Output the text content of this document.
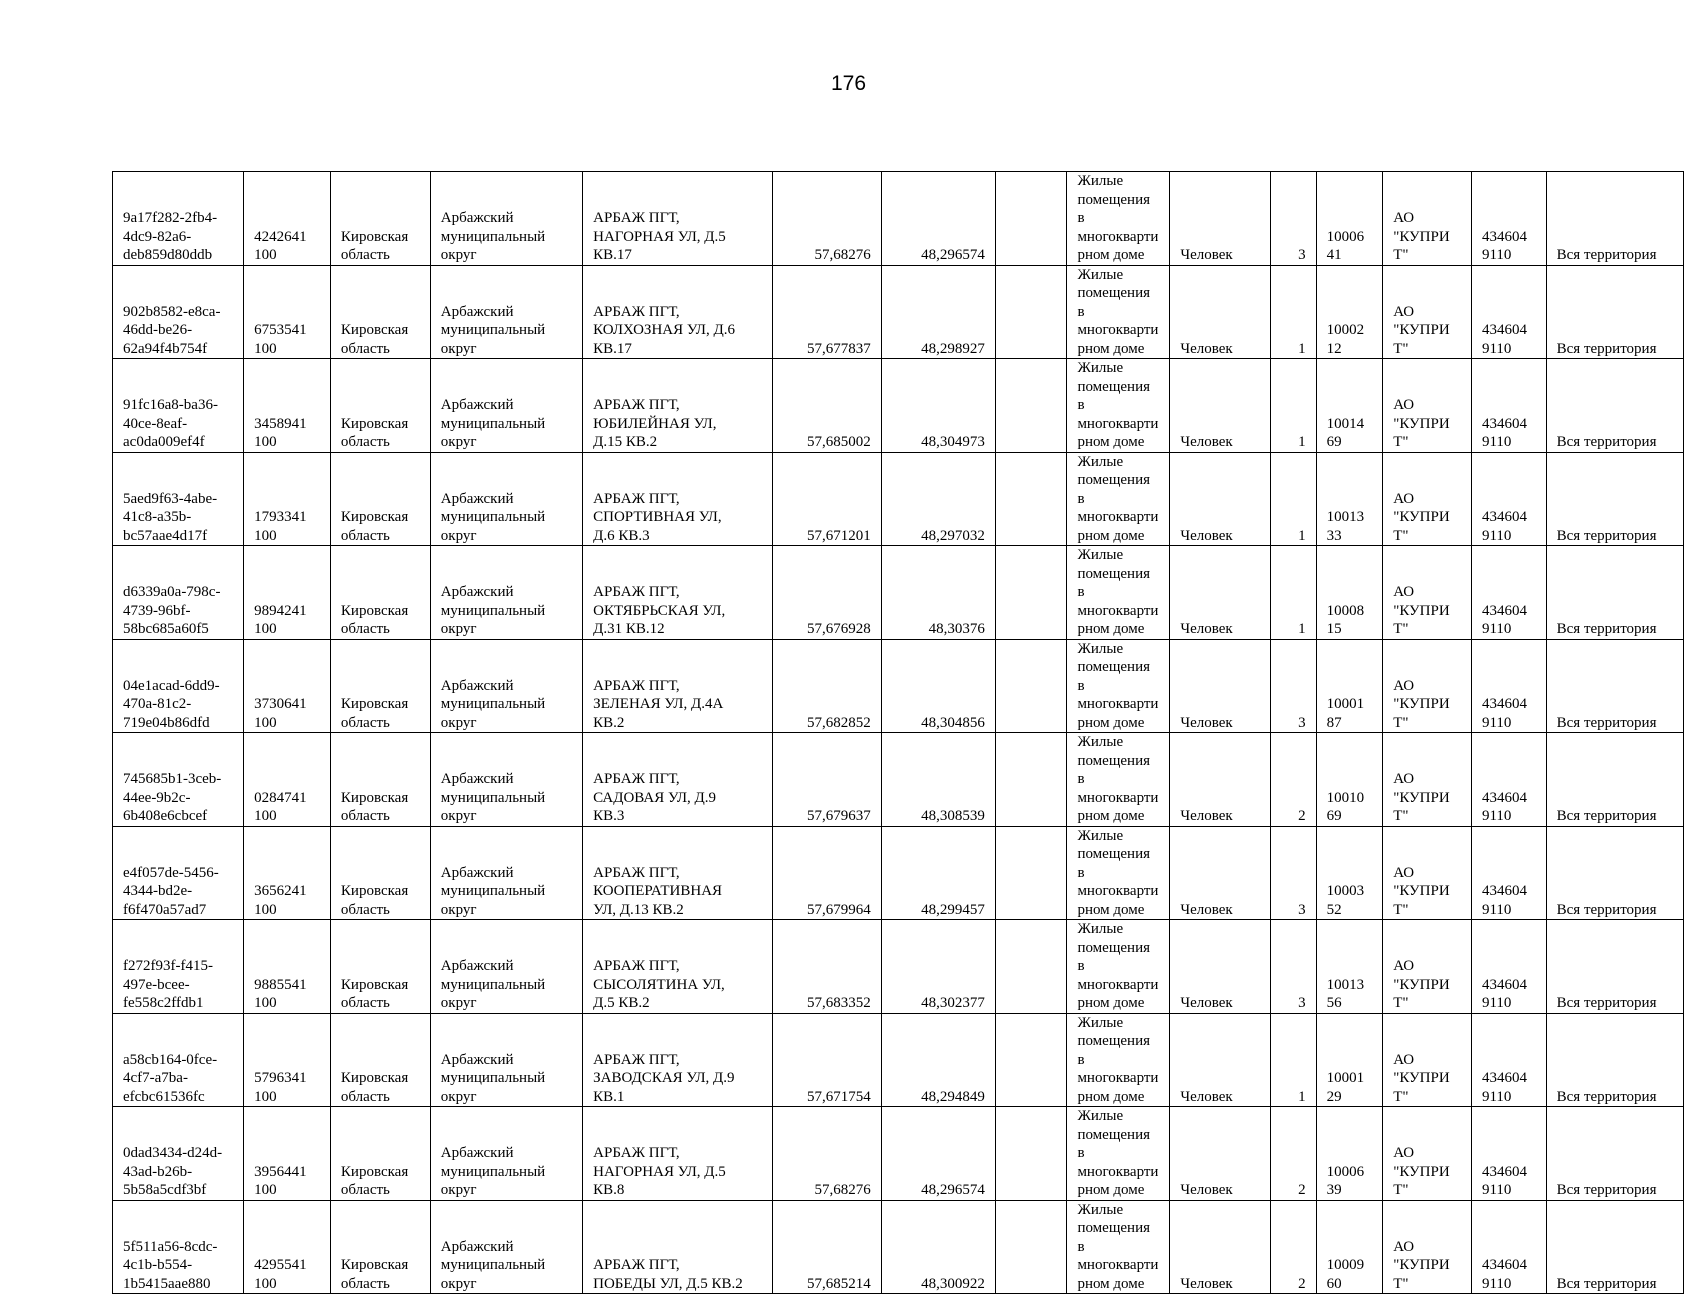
176
9a17f282-2fb4-
4dc9-82a6-
deb859d80ddb	4242641
100	Кировская
область	Арбажский
муниципальный
округ	АРБАЖ ПГТ,
НАГОРНАЯ УЛ, Д.5
КВ.17	57,68276	48,296574		Жилые
помещения в
многокварти
рном доме	Человек	3	10006
41	АО
"КУПРИ
Т"	434604
9110	Вся территория
902b8582-e8ca-
46dd-be26-
62a94f4b754f	6753541
100	Кировская
область	Арбажский
муниципальный
округ	АРБАЖ ПГТ,
КОЛХОЗНАЯ УЛ, Д.6
КВ.17	57,677837	48,298927		Жилые
помещения в
многокварти
рном доме	Человек	1	10002
12	АО
"КУПРИ
Т"	434604
9110	Вся территория
91fc16a8-ba36-
40ce-8eaf-
ac0da009ef4f	3458941
100	Кировская
область	Арбажский
муниципальный
округ	АРБАЖ ПГТ,
ЮБИЛЕЙНАЯ УЛ,
Д.15 КВ.2	57,685002	48,304973		Жилые
помещения в
многокварти
рном доме	Человек	1	10014
69	АО
"КУПРИ
Т"	434604
9110	Вся территория
5aed9f63-4abe-
41c8-a35b-
bc57aae4d17f	1793341
100	Кировская
область	Арбажский
муниципальный
округ	АРБАЖ ПГТ,
СПОРТИВНАЯ УЛ,
Д.6 КВ.3	57,671201	48,297032		Жилые
помещения в
многокварти
рном доме	Человек	1	10013
33	АО
"КУПРИ
Т"	434604
9110	Вся территория
d6339a0a-798c-
4739-96bf-
58bc685a60f5	9894241
100	Кировская
область	Арбажский
муниципальный
округ	АРБАЖ ПГТ,
ОКТЯБРЬСКАЯ УЛ,
Д.31 КВ.12	57,676928	48,30376		Жилые
помещения в
многокварти
рном доме	Человек	1	10008
15	АО
"КУПРИ
Т"	434604
9110	Вся территория
04e1acad-6dd9-
470a-81c2-
719e04b86dfd	3730641
100	Кировская
область	Арбажский
муниципальный
округ	АРБАЖ ПГТ,
ЗЕЛЕНАЯ УЛ, Д.4А
КВ.2	57,682852	48,304856		Жилые
помещения в
многокварти
рном доме	Человек	3	10001
87	АО
"КУПРИ
Т"	434604
9110	Вся территория
745685b1-3ceb-
44ee-9b2c-
6b408e6cbcef	0284741
100	Кировская
область	Арбажский
муниципальный
округ	АРБАЖ ПГТ,
САДОВАЯ УЛ, Д.9
КВ.3	57,679637	48,308539		Жилые
помещения в
многокварти
рном доме	Человек	2	10010
69	АО
"КУПРИ
Т"	434604
9110	Вся территория
e4f057de-5456-
4344-bd2e-
f6f470a57ad7	3656241
100	Кировская
область	Арбажский
муниципальный
округ	АРБАЖ ПГТ,
КООПЕРАТИВНАЯ
УЛ, Д.13 КВ.2	57,679964	48,299457		Жилые
помещения в
многокварти
рном доме	Человек	3	10003
52	АО
"КУПРИ
Т"	434604
9110	Вся территория
f272f93f-f415-
497e-bcee-
fe558c2ffdb1	9885541
100	Кировская
область	Арбажский
муниципальный
округ	АРБАЖ ПГТ,
СЫСОЛЯТИНА УЛ,
Д.5 КВ.2	57,683352	48,302377		Жилые
помещения в
многокварти
рном доме	Человек	3	10013
56	АО
"КУПРИ
Т"	434604
9110	Вся территория
a58cb164-0fce-
4cf7-a7ba-
efcbc61536fc	5796341
100	Кировская
область	Арбажский
муниципальный
округ	АРБАЖ ПГТ,
ЗАВОДСКАЯ УЛ, Д.9
КВ.1	57,671754	48,294849		Жилые
помещения в
многокварти
рном доме	Человек	1	10001
29	АО
"КУПРИ
Т"	434604
9110	Вся территория
0dad3434-d24d-
43ad-b26b-
5b58a5cdf3bf	3956441
100	Кировская
область	Арбажский
муниципальный
округ	АРБАЖ ПГТ,
НАГОРНАЯ УЛ, Д.5
КВ.8	57,68276	48,296574		Жилые
помещения в
многокварти
рном доме	Человек	2	10006
39	АО
"КУПРИ
Т"	434604
9110	Вся территория
5f511a56-8cdc-
4c1b-b554-
1b5415aae880	4295541
100	Кировская
область	Арбажский
муниципальный
округ	АРБАЖ ПГТ,
ПОБЕДЫ УЛ, Д.5 КВ.2	57,685214	48,300922		Жилые
помещения в
многокварти
рном доме	Человек	2	10009
60	АО
"КУПРИ
Т"	434604
9110	Вся территория
